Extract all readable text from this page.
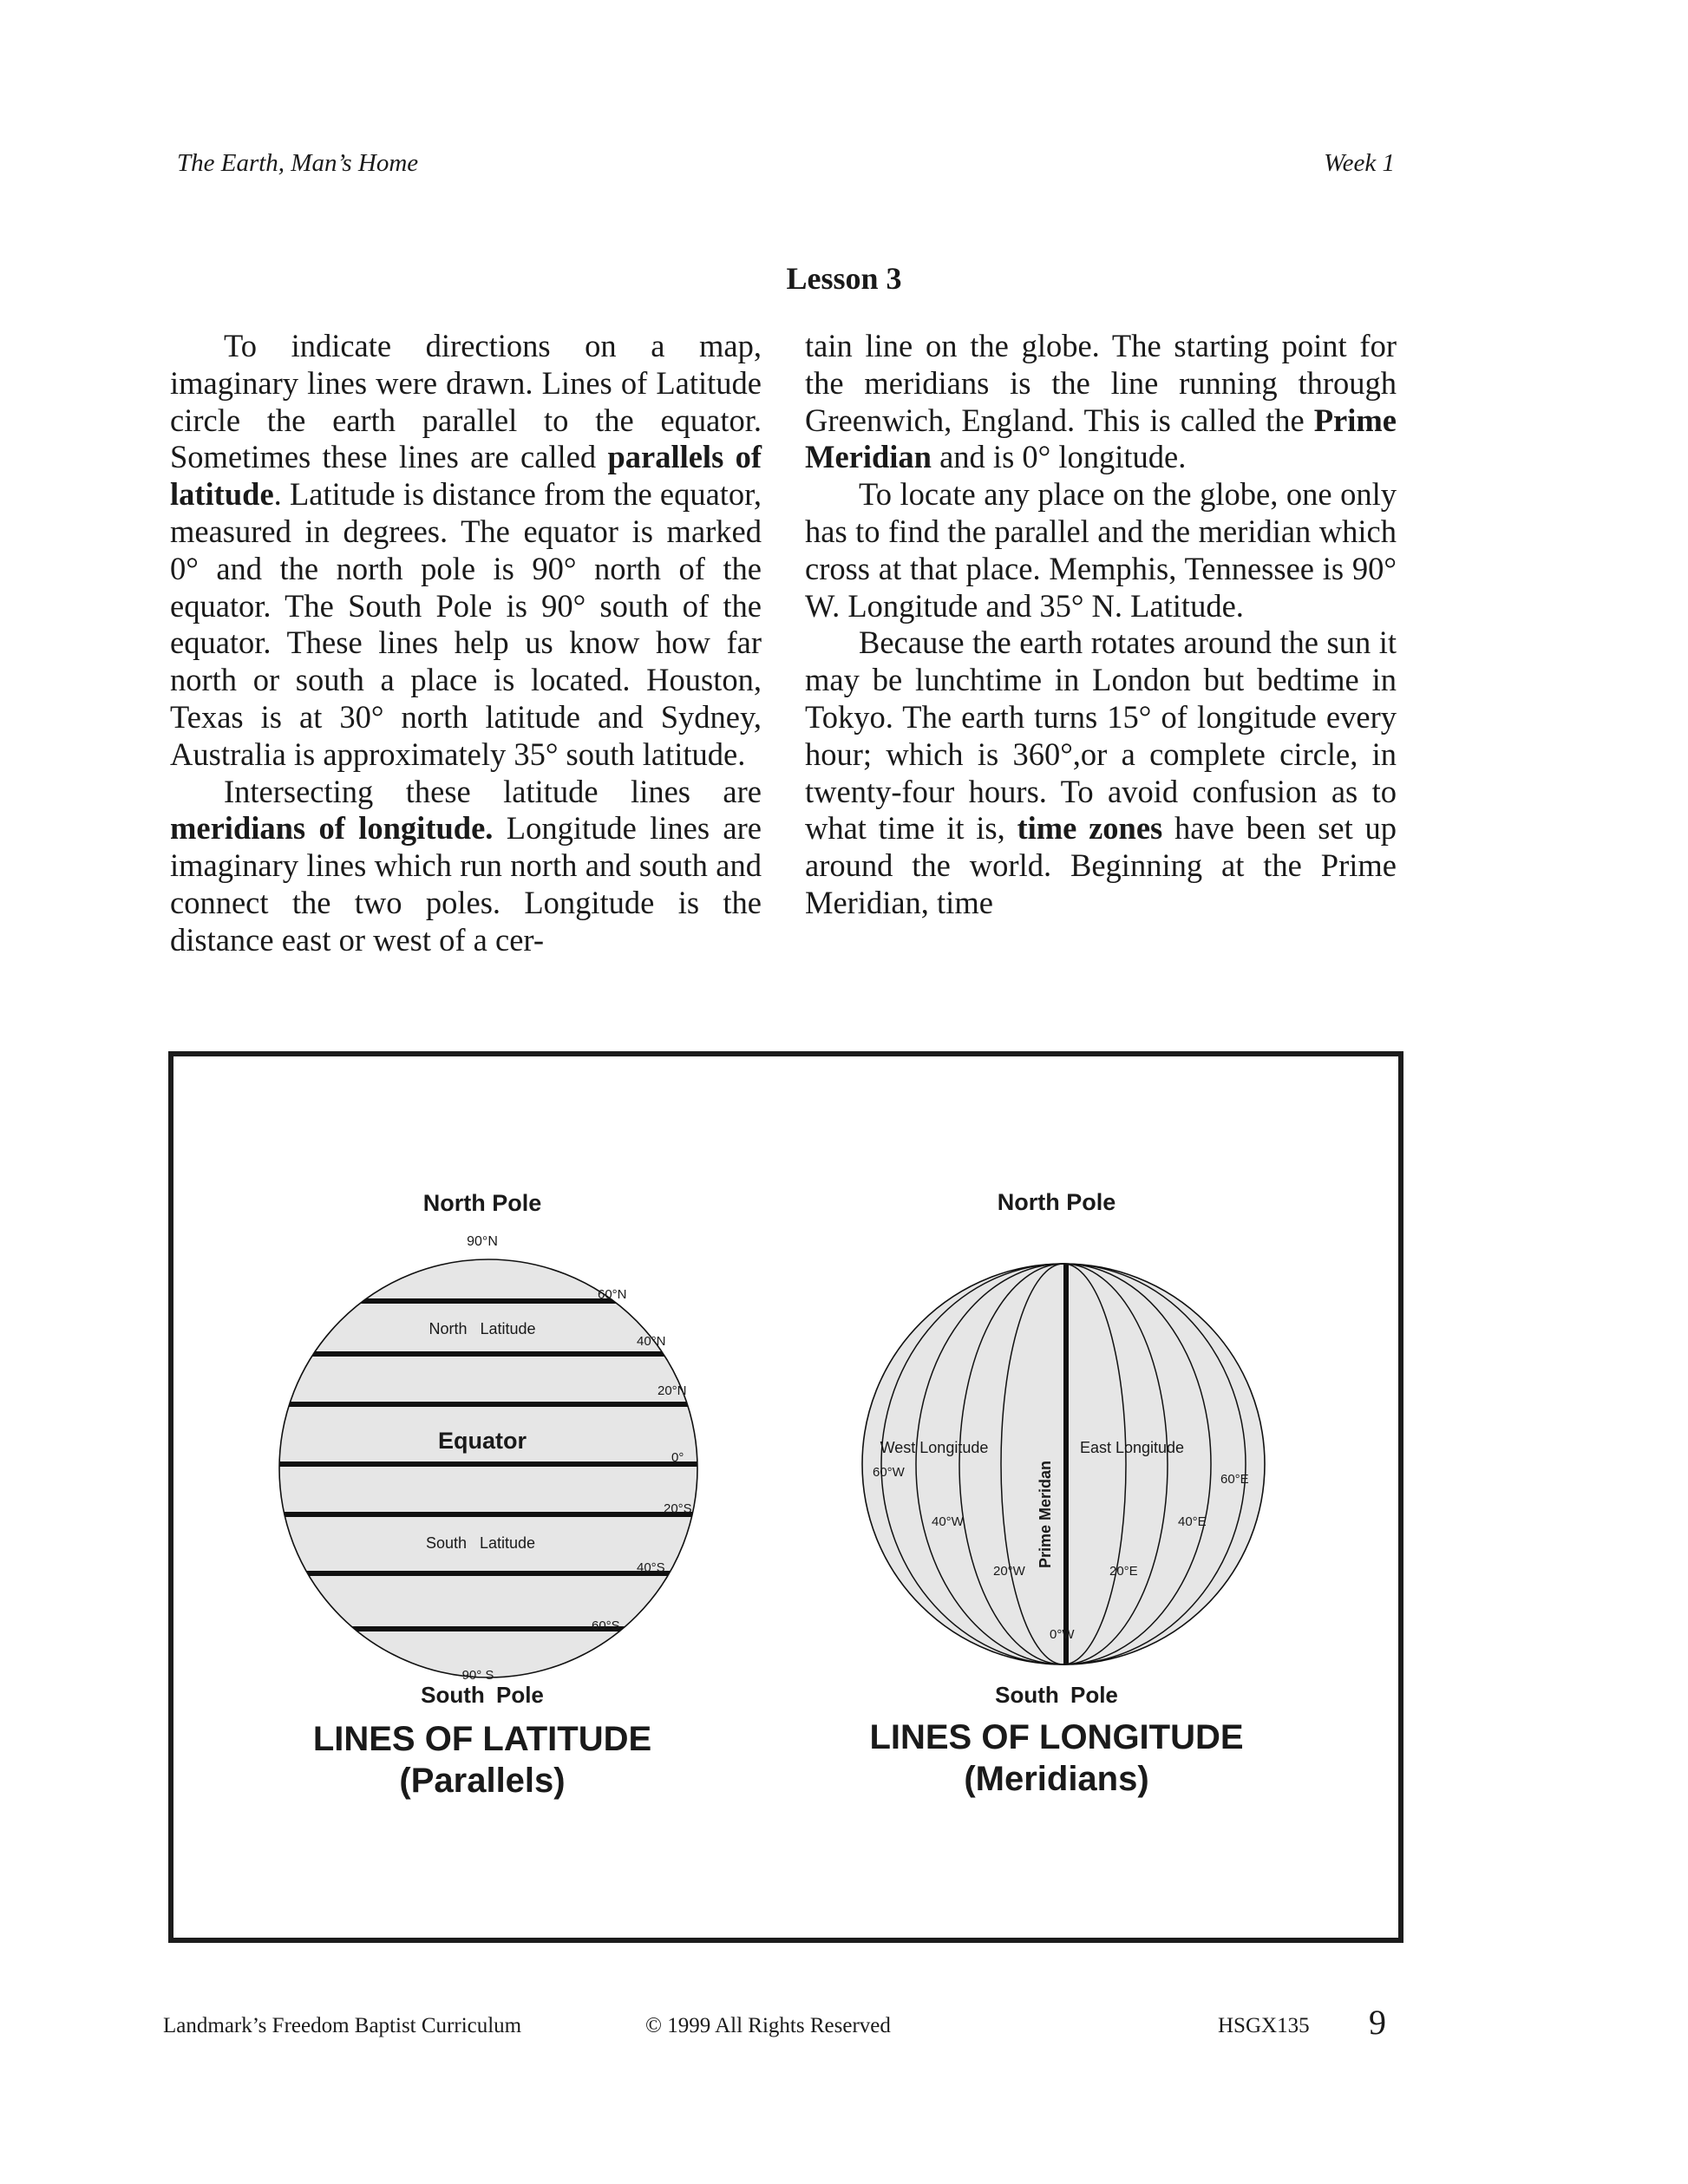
The Earth, Man’s Home	Week 1
Lesson 3

To indicate directions on a map, imaginary lines were drawn. Lines of Latitude circle the earth parallel to the equator. Sometimes these lines are called parallels of latitude. Latitude is distance from the equator, measured in degrees. The equator is marked 0° and the north pole is 90° north of the equator. The South Pole is 90° south of the equator. These lines help us know how far north or south a place is located. Houston, Texas is at 30° north latitude and Sydney, Australia is approximately 35° south latitude.

Intersecting these latitude lines are meridians of longitude. Longitude lines are imaginary lines which run north and south and connect the two poles. Longitude is the distance east or west of a cer-

tain line on the globe. The starting point for the meridians is the line running through Greenwich, England. This is called the Prime Meridian and is 0° longitude.

To locate any place on the globe, one only has to find the parallel and the meridian which cross at that place. Memphis, Tennessee is 90° W. Longitude and 35° N. Latitude.

Because the earth rotates around the sun it may be lunchtime in London but bedtime in Tokyo. The earth turns 15° of longitude every hour; which is 360°,or a complete circle, in twenty-four hours. To avoid confusion as to what time it is, time zones have been set up around the world. Beginning at the Prime Meridian, time

North Pole
90°N
North   Latitude
Equator
South   Latitude
60°N
40°N
20°N
0°
20°S
40°S
60°S
90° S
South Pole
LINES OF LATITUDE
(Parallels)
North Pole
Prime Meridan
West Longitude	East Longitude
60°W
40°W
20°W
0°W
20°E
40°E
60°E
South Pole
LINES OF LONGITUDE
(Meridians)
Landmark’s Freedom Baptist Curriculum	© 1999 All Rights Reserved	HSGX135 9
